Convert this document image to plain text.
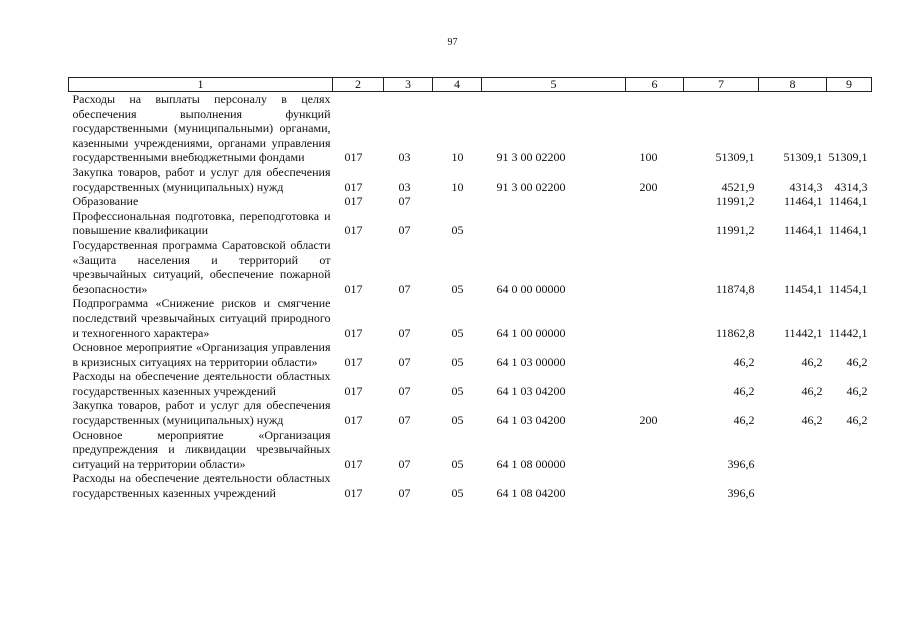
97
1	2	3	4	5	6	7	8	9
Расходы на выплаты персоналу в целях обеспечения выполнения функций государственными (муниципальными) органами, казенными учреждениями, органами управления государственными внебюджетными фондами	017	03	10	91 3 00 02200	100	51309,1	51309,1	51309,1
Закупка товаров, работ и услуг для обеспечения государственных (муниципальных) нужд	017	03	10	91 3 00 02200	200	4521,9	4314,3	4314,3
Образование	017	07				11991,2	11464,1	11464,1
Профессиональная подготовка, переподготовка и повышение квалификации	017	07	05			11991,2	11464,1	11464,1
Государственная программа Саратовской области «Защита населения и территорий от чрезвычайных ситуаций, обеспечение пожарной безопасности»	017	07	05	64 0 00 00000		11874,8	11454,1	11454,1
Подпрограмма «Снижение рисков и смягчение последствий чрезвычайных ситуаций природного и техногенного характера»	017	07	05	64 1 00 00000		11862,8	11442,1	11442,1
Основное мероприятие «Организация управления в кризисных ситуациях на территории области»	017	07	05	64 1 03 00000		46,2	46,2	46,2
Расходы на обеспечение деятельности областных государственных казенных учреждений	017	07	05	64 1 03 04200		46,2	46,2	46,2
Закупка товаров, работ и услуг для обеспечения государственных (муниципальных) нужд	017	07	05	64 1 03 04200	200	46,2	46,2	46,2
Основное мероприятие «Организация предупреждения и ликвидации чрезвычайных ситуаций на территории области»	017	07	05	64 1 08 00000		396,6		
Расходы на обеспечение деятельности областных государственных казенных учреждений	017	07	05	64 1 08 04200		396,6		
